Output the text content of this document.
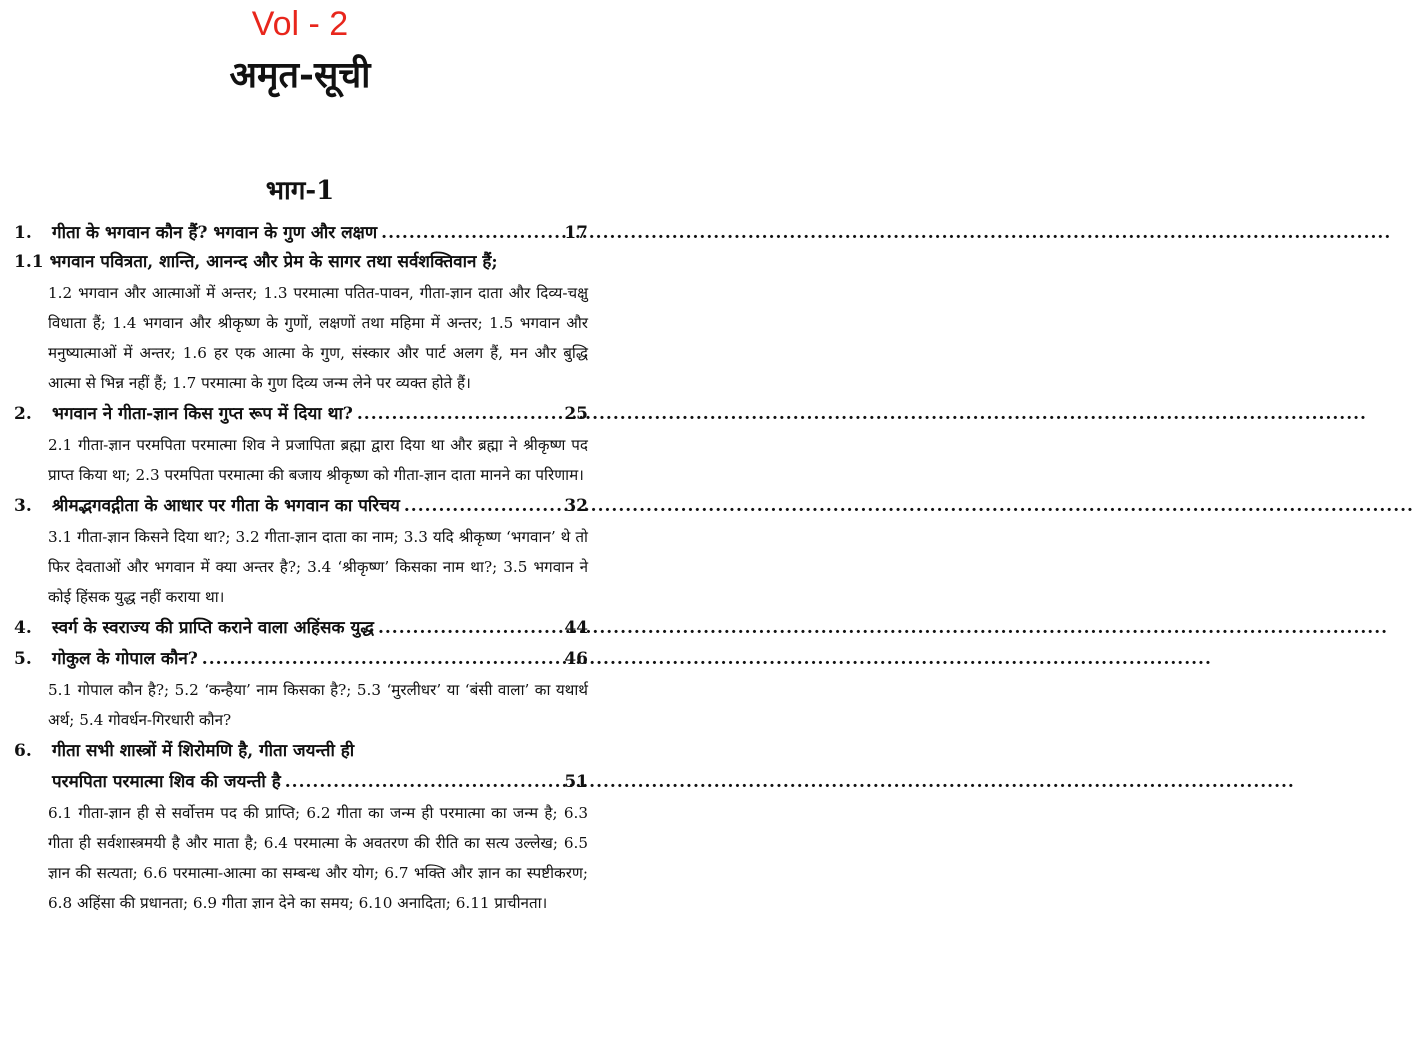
Vol - 2
अमृत-सूची
भाग-1
1.	गीता के भगवान कौन हैं? भगवान के गुण और लक्षण .....	17
1.1 भगवान पवित्रता, शान्ति, आनन्द और प्रेम के सागर तथा सर्वशक्तिवान हैं;
1.2 भगवान और आत्माओं में अन्तर; 1.3 परमात्मा पतित-पावन, गीता-ज्ञान दाता और दिव्य-चक्षु विधाता हैं; 1.4 भगवान और श्रीकृष्ण के गुणों, लक्षणों तथा महिमा में अन्तर; 1.5 भगवान और मनुष्यात्माओं में अन्तर; 1.6 हर एक आत्मा के गुण, संस्कार और पार्ट अलग हैं, मन और बुद्धि आत्मा से भिन्न नहीं हैं; 1.7 परमात्मा के गुण दिव्य जन्म लेने पर व्यक्त होते हैं।
2.	भगवान ने गीता-ज्ञान किस गुप्त रूप में दिया था? .....	25
2.1 गीता-ज्ञान परमपिता परमात्मा शिव ने प्रजापिता ब्रह्मा द्वारा दिया था और ब्रह्मा ने श्रीकृष्ण पद प्राप्त किया था; 2.3 परमपिता परमात्मा की बजाय श्रीकृष्ण को गीता-ज्ञान दाता मानने का परिणाम।
3.	श्रीमद्भगवद्गीता के आधार पर गीता के भगवान का परिचय .....	32
3.1 गीता-ज्ञान किसने दिया था?; 3.2 गीता-ज्ञान दाता का नाम; 3.3 यदि श्रीकृष्ण ‘भगवान’ थे तो फिर देवताओं और भगवान में क्या अन्तर है?; 3.4 ‘श्रीकृष्ण’ किसका नाम था?; 3.5 भगवान ने कोई हिंसक युद्ध नहीं कराया था।
4.	स्वर्ग के स्वराज्य की प्राप्ति कराने वाला अहिंसक युद्ध .....	44
5.	गोकुल के गोपाल कौन? .....	46
5.1 गोपाल कौन है?; 5.2 ‘कन्हैया’ नाम किसका है?; 5.3 ‘मुरलीधर’ या ‘बंसी वाला’ का यथार्थ अर्थ; 5.4 गोवर्धन-गिरधारी कौन?
6.	गीता सभी शास्त्रों में शिरोमणि है, गीता जयन्ती ही
परमपिता परमात्मा शिव की जयन्ती है .....	51
6.1 गीता-ज्ञान ही से सर्वोत्तम पद की प्राप्ति; 6.2 गीता का जन्म ही परमात्मा का जन्म है; 6.3 गीता ही सर्वशास्त्रमयी है और माता है; 6.4 परमात्मा के अवतरण की रीति का सत्य उल्लेख; 6.5 ज्ञान की सत्यता; 6.6 परमात्मा-आत्मा का सम्बन्ध और योग; 6.7 भक्ति और ज्ञान का स्पष्टीकरण; 6.8 अहिंसा की प्रधानता; 6.9 गीता ज्ञान देने का समय; 6.10 अनादिता; 6.11 प्राचीनता।
